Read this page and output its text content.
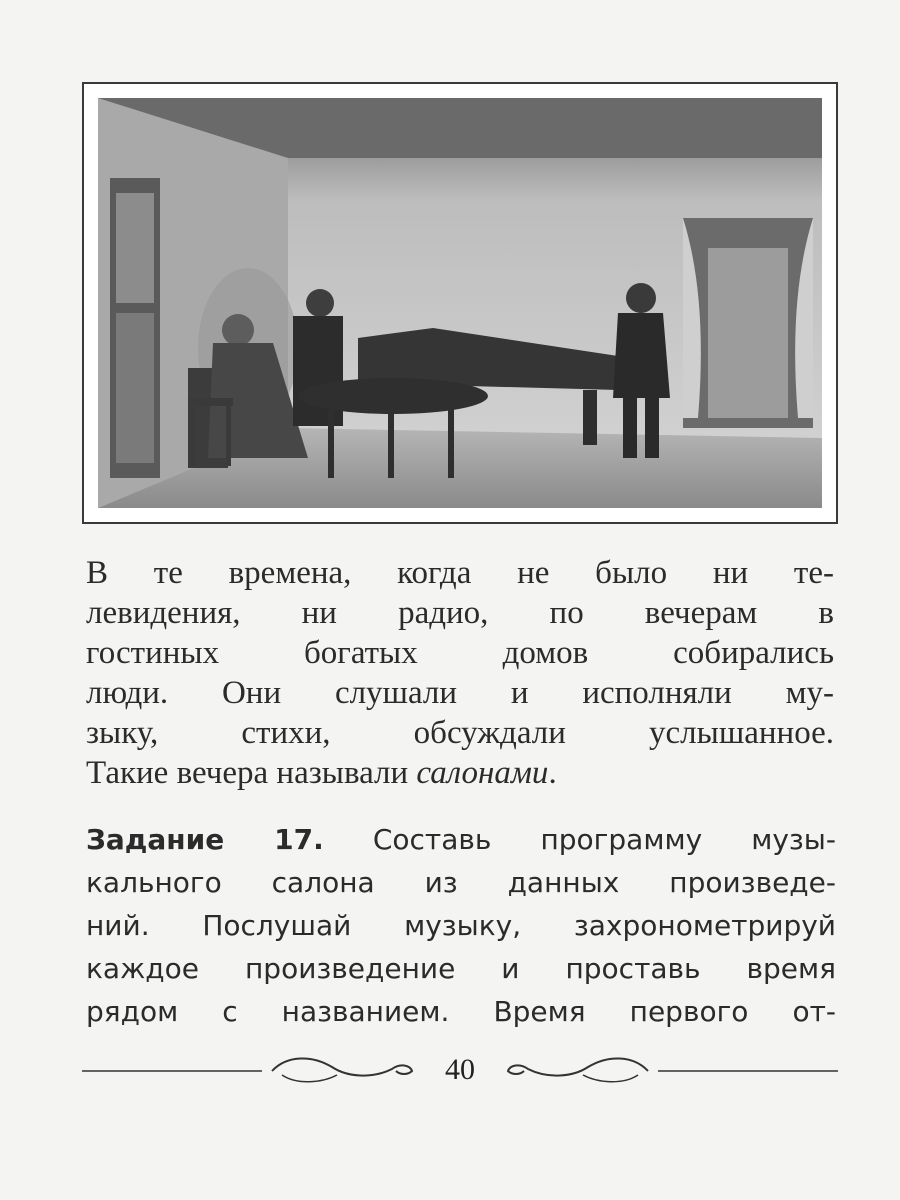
В те времена, когда не было ни те-
левидения, ни радио, по вечерам в
гостиных богатых домов собирались
люди. Они слушали и исполняли му-
зыку, стихи, обсуждали услышанное.
Такие вечера называли салонами.
Задание 17. Составь программу музы-
кального салона из данных произведе-
ний. Послушай музыку, захронометрируй
каждое произведение и проставь время
рядом с названием. Время первого от-
40
